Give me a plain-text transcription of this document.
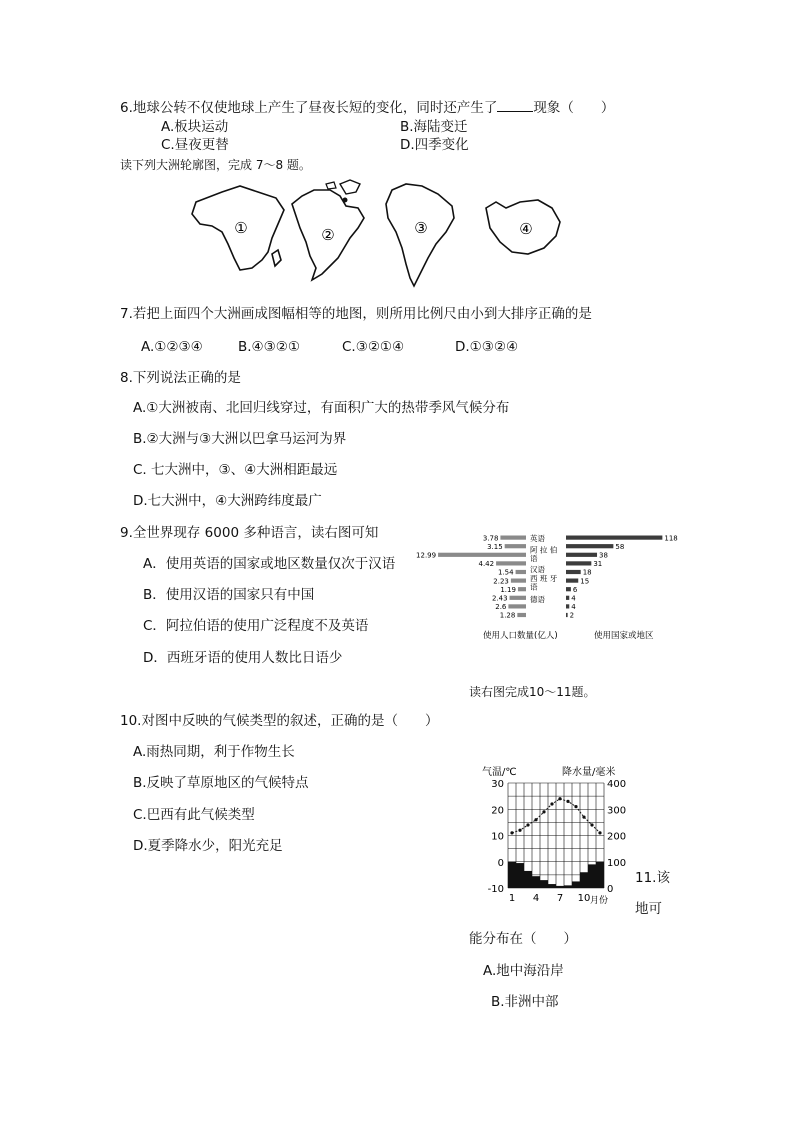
6.地球公转不仅使地球上产生了昼夜长短的变化，同时还产生了	现象（　　）
A.板块运动	B.海陆变迁
C.昼夜更替	D.四季变化
读下列大洲轮廓图，完成 7～8 题。
①	②	③	④
7.若把上面四个大洲画成图幅相等的地图，则所用比例尺由小到大排序正确的是
A.①②③④	B.④③②①	C.③②①④	D.①③②④
8.下列说法正确的是
A.①大洲被南、北回归线穿过，有面积广大的热带季风气候分布
B.②大洲与③大洲以巴拿马运河为界
C. 七大洲中，③、④大洲相距最远
D.七大洲中，④大洲跨纬度最广
9.全世界现存 6000 多种语言，读右图可知
A．使用英语的国家或地区数量仅次于汉语
B．使用汉语的国家只有中国
C．阿拉伯语的使用广泛程度不及英语
D．西班牙语的使用人数比日语少
3.78
3.15
12.99
4.42
1.54
2.23
1.19
2.43
2.6
1.28
118
58
38
31
18
15
6
4
4
2
英语
阿 拉 伯
语
汉语
西 班 牙
语
德语
使用人口数量(亿人)	使用国家或地区
读右图完成10～11题。
10.对图中反映的气候类型的叙述，正确的是（　　）
A.雨热同期，利于作物生长
B.反映了草原地区的气候特点
C.巴西有此气候类型
D.夏季降水少，阳光充足
气温/℃	降水量/毫米
30
20
10
0
-10
400
300
200
100
0
1 4 7 10 月份
11.该
地可
能分布在（　　）
A.地中海沿岸
B.非洲中部
